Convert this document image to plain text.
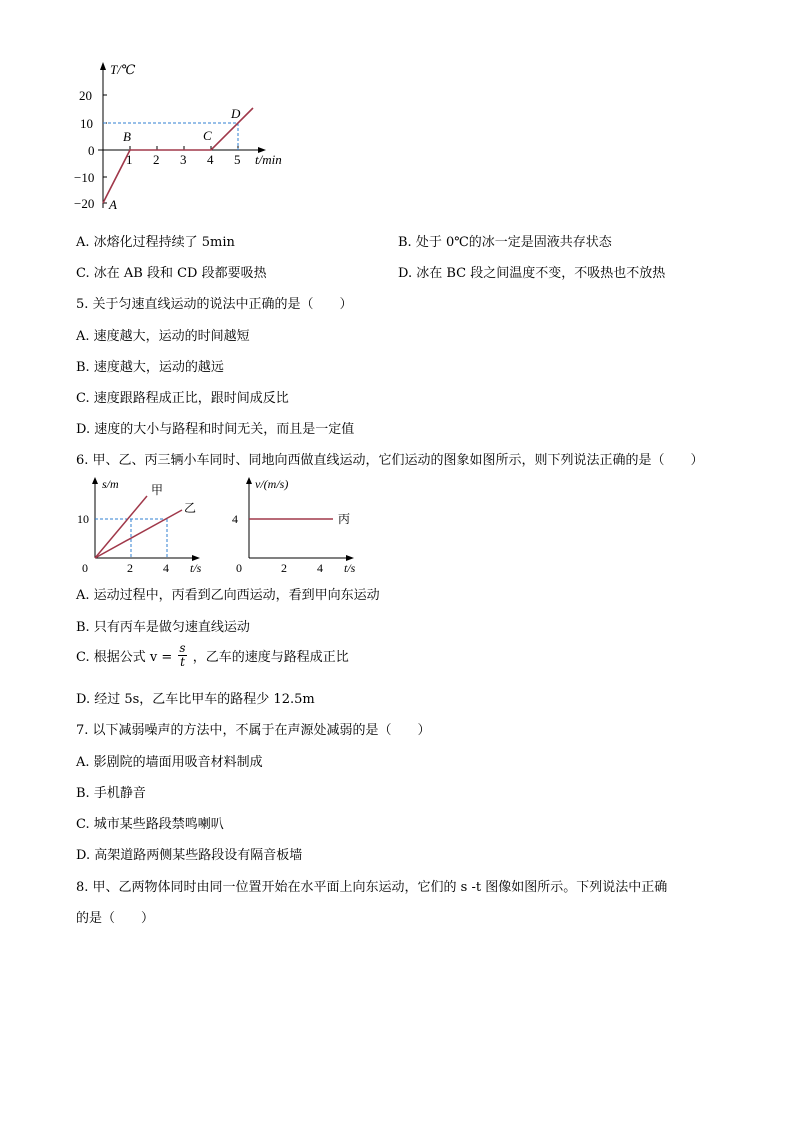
T/℃
t/min
20
10
0
−10
−20
1 2 3 4 5
A
B	C
D
A. 冰熔化过程持续了 5min	B. 处于 0℃的冰一定是固液共存状态
C. 冰在 AB 段和 CD 段都要吸热	D. 冰在 BC 段之间温度不变，不吸热也不放热
5. 关于匀速直线运动的说法中正确的是（　　）
A. 速度越大，运动的时间越短
B. 速度越大，运动的越远
C. 速度跟路程成正比，跟时间成反比
D. 速度的大小与路程和时间无关，而且是一定值
6. 甲、乙、丙三辆小车同时、同地向西做直线运动，它们运动的图象如图所示，则下列说法正确的是（　　）
s/m
t/s
10
0	2	4
甲
乙
v/(m/s)
t/s
4
0	2	4
丙
A. 运动过程中，丙看到乙向西运动，看到甲向东运动
B. 只有丙车是做匀速直线运动
C. 根据公式 $v = \frac{s}{t}$ ，乙车的速度与路程成正比
D. 经过 5s，乙车比甲车的路程少 12.5m
7. 以下减弱噪声的方法中，不属于在声源处减弱的是（　　）
A. 影剧院的墙面用吸音材料制成
B. 手机静音
C. 城市某些路段禁鸣喇叭
D. 高架道路两侧某些路段设有隔音板墙
8. 甲、乙两物体同时由同一位置开始在水平面上向东运动，它们的 s -t 图像如图所示。下列说法中正确
的是（　　）
